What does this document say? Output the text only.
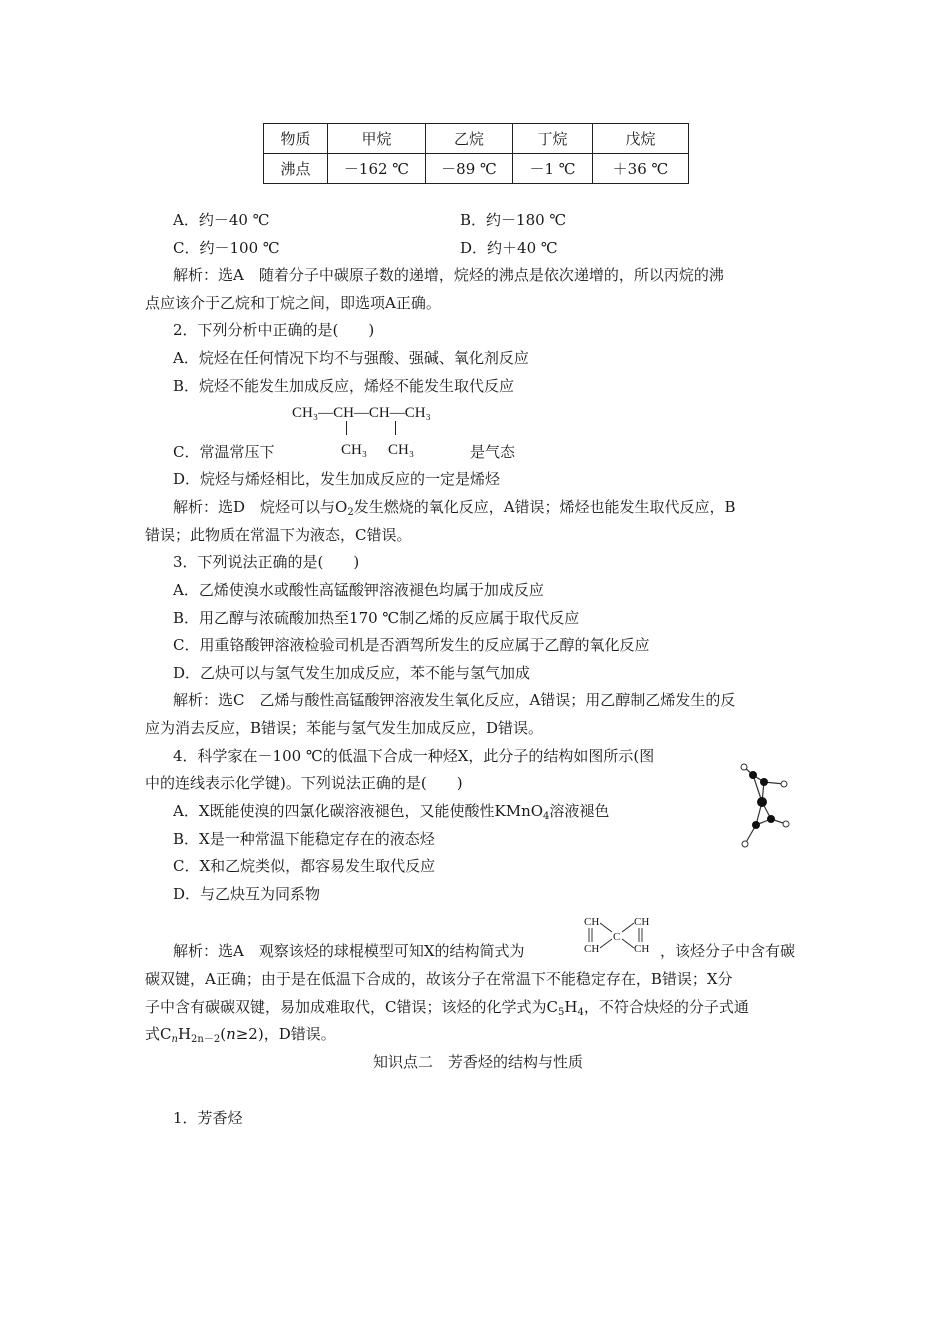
物质	甲烷	乙烷	丁烷	戊烷
沸点	－162 ℃	－89 ℃	－1 ℃	＋36 ℃
A．约－40 ℃	B．约－180 ℃
C．约－100 ℃	D．约＋40 ℃
解析：选A　随着分子中碳原子数的递增，烷烃的沸点是依次递增的，所以丙烷的沸
点应该介于乙烷和丁烷之间，即选项A正确。
2．下列分析中正确的是(　　)
A．烷烃在任何情况下均不与强酸、强碱、氧化剂反应
B．烷烃不能发生加成反应，烯烃不能发生取代反应
CH₃—CH—CH—CH₃
CH₃ CH₃
C．常温常压下	是气态
D．烷烃与烯烃相比，发生加成反应的一定是烯烃
解析：选D　烷烃可以与$O_2$发生燃烧的氧化反应，A错误；烯烃也能发生取代反应，B
错误；此物质在常温下为液态，C错误。
3．下列说法正确的是(　　)
A．乙烯使溴水或酸性高锰酸钾溶液褪色均属于加成反应
B．用乙醇与浓硫酸加热至170 ℃制乙烯的反应属于取代反应
C．用重铬酸钾溶液检验司机是否酒驾所发生的反应属于乙醇的氧化反应
D．乙炔可以与氢气发生加成反应，苯不能与氢气加成
解析：选C　乙烯与酸性高锰酸钾溶液发生氧化反应，A错误；用乙醇制乙烯发生的反
应为消去反应，B错误；苯能与氢气发生加成反应，D错误。
4．科学家在－100 ℃的低温下合成一种烃X，此分子的结构如图所示(图
中的连线表示化学键)。下列说法正确的是(　　)
A．X既能使溴的四氯化碳溶液褪色，又能使酸性KMnO$_4$溶液褪色
B．X是一种常温下能稳定存在的液态烃
C．X和乙烷类似，都容易发生取代反应
D．与乙炔互为同系物
解析：选A　观察该烃的球棍模型可知X的结构简式为
CH
CH
C
CH
CH ，该烃分子中含有碳
碳双键，A正确；由于是在低温下合成的，故该分子在常温下不能稳定存在，B错误；X分
子中含有碳碳双键，易加成难取代，C错误；该烃的化学式为$C_5H_4$，不符合炔烃的分子式通
式$C_nH_{2n-2}(n\ge 2)$，D错误。
知识点二　芳香烃的结构与性质
1．芳香烃
